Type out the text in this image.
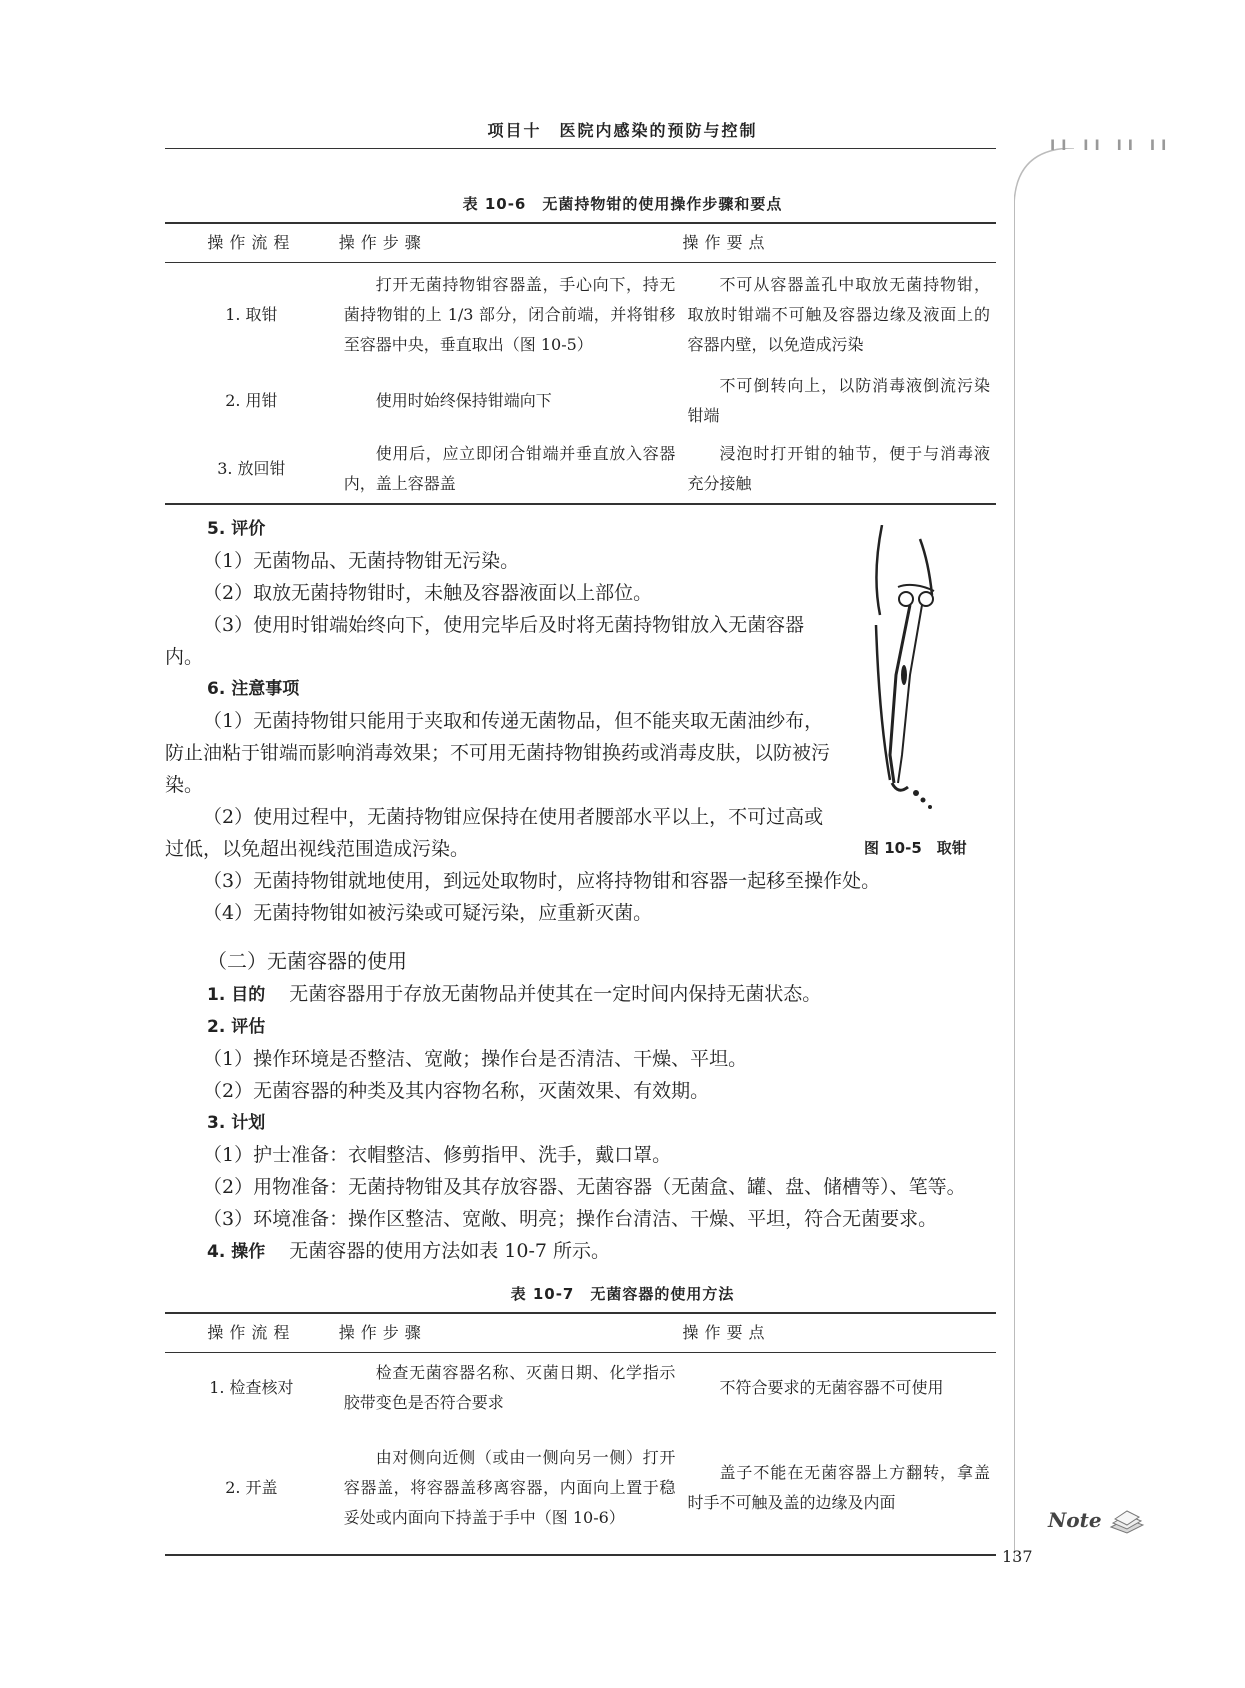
项目十　医院内感染的预防与控制
II II II II
表 10-6　无菌持物钳的使用操作步骤和要点
操作流程	操作步骤	操作要点
1. 取钳	打开无菌持物钳容器盖，手心向下，持无菌持物钳的上 1/3 部分，闭合前端，并将钳移至容器中央，垂直取出（图 10-5）	不可从容器盖孔中取放无菌持物钳，取放时钳端不可触及容器边缘及液面上的容器内壁，以免造成污染
2. 用钳	使用时始终保持钳端向下	不可倒转向上，以防消毒液倒流污染钳端
3. 放回钳	使用后，应立即闭合钳端并垂直放入容器内，盖上容器盖	浸泡时打开钳的轴节，便于与消毒液充分接触
5. 评价
（1）无菌物品、无菌持物钳无污染。
（2）取放无菌持物钳时，未触及容器液面以上部位。
（3）使用时钳端始终向下，使用完毕后及时将无菌持物钳放入无菌容器内。
6. 注意事项
（1）无菌持物钳只能用于夹取和传递无菌物品，但不能夹取无菌油纱布，防止油粘于钳端而影响消毒效果；不可用无菌持物钳换药或消毒皮肤，以防被污染。
（2）使用过程中，无菌持物钳应保持在使用者腰部水平以上，不可过高或过低，以免超出视线范围造成污染。
（3）无菌持物钳就地使用，到远处取物时，应将持物钳和容器一起移至操作处。
（4）无菌持物钳如被污染或可疑污染，应重新灭菌。
图 10-5　取钳
（二）无菌容器的使用
1. 目的 无菌容器用于存放无菌物品并使其在一定时间内保持无菌状态。
2. 评估
（1）操作环境是否整洁、宽敞；操作台是否清洁、干燥、平坦。
（2）无菌容器的种类及其内容物名称，灭菌效果、有效期。
3. 计划
（1）护士准备：衣帽整洁、修剪指甲、洗手，戴口罩。
（2）用物准备：无菌持物钳及其存放容器、无菌容器（无菌盒、罐、盘、储槽等）、笔等。
（3）环境准备：操作区整洁、宽敞、明亮；操作台清洁、干燥、平坦，符合无菌要求。
4. 操作 无菌容器的使用方法如表 10-7 所示。
表 10-7　无菌容器的使用方法
操作流程	操作步骤	操作要点
1. 检查核对	检查无菌容器名称、灭菌日期、化学指示胶带变色是否符合要求	不符合要求的无菌容器不可使用
2. 开盖	由对侧向近侧（或由一侧向另一侧）打开容器盖，将容器盖移离容器，内面向上置于稳妥处或内面向下持盖于手中（图 10-6）	盖子不能在无菌容器上方翻转，拿盖时手不可触及盖的边缘及内面
Note
137
